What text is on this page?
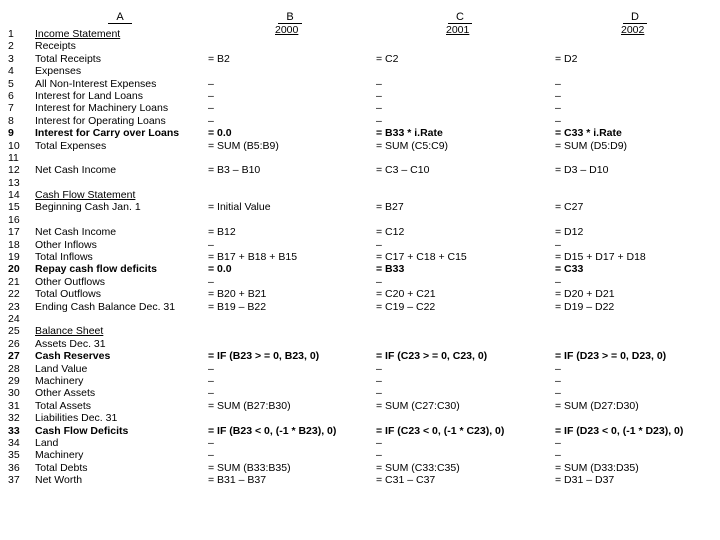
A	B	C	D
1	Income Statement	2000	2001	2002
2	Receipts
3	Total Receipts	= B2	= C2	= D2
4	Expenses
5	All Non-Interest Expenses	–	–	–
6	Interest for Land Loans	–	–	–
7	Interest for Machinery Loans	–	–	–
8	Interest for Operating Loans	–	–	–
9	Interest for Carry over Loans	= 0.0	= B33 * i.Rate	= C33 * i.Rate
10	Total Expenses	= SUM (B5:B9)	= SUM (C5:C9)	= SUM (D5:D9)
11
12	Net Cash Income	= B3 – B10	= C3 – C10	= D3 – D10
13
14	Cash Flow Statement
15	Beginning Cash Jan. 1	= Initial Value	= B27	= C27
16
17	Net Cash Income	= B12	= C12	= D12
18	Other Inflows	–	–	–
19	Total Inflows	= B17 + B18 + B15	= C17 + C18 + C15	= D15 + D17 + D18
20	Repay cash flow deficits	= 0.0	= B33	= C33
21	Other Outflows	–	–	–
22	Total Outflows	= B20 + B21	= C20 + C21	= D20 + D21
23	Ending Cash Balance Dec. 31	= B19 – B22	= C19 – C22	= D19 – D22
24
25	Balance Sheet
26	Assets Dec. 31
27	Cash Reserves	= IF (B23 > = 0, B23, 0)	= IF (C23 > = 0, C23, 0)	= IF (D23 > = 0, D23, 0)
28	Land Value	–	–	–
29	Machinery	–	–	–
30	Other Assets	–	–	–
31	Total Assets	= SUM (B27:B30)	= SUM (C27:C30)	= SUM (D27:D30)
32	Liabilities Dec. 31
33	Cash Flow Deficits	= IF (B23 < 0, (-1 * B23), 0)	= IF (C23 < 0, (-1 * C23), 0)	= IF (D23 < 0, (-1 * D23), 0)
34	Land	–	–	–
35	Machinery	–	–	–
36	Total Debts	= SUM (B33:B35)	= SUM (C33:C35)	= SUM (D33:D35)
37	Net Worth	= B31 – B37	= C31 – C37	= D31 – D37
